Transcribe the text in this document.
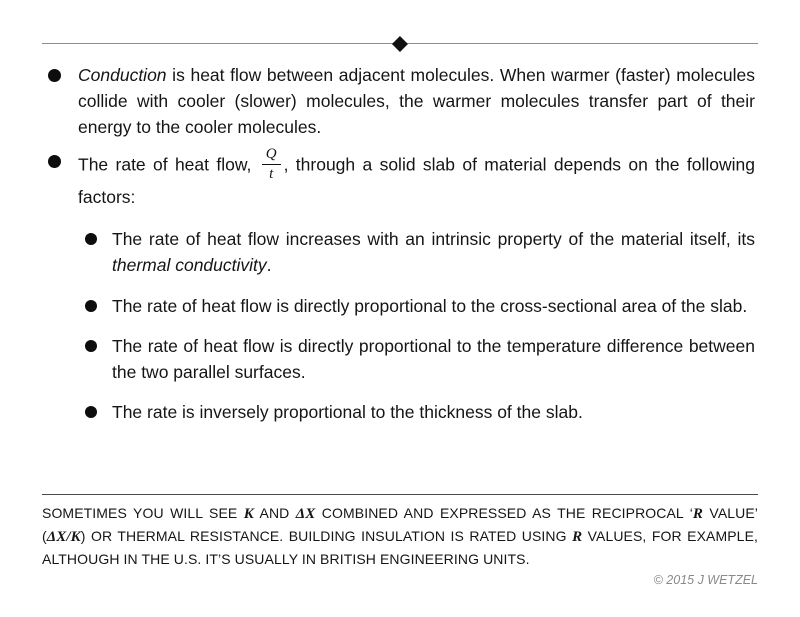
◆

Conduction is heat flow between adjacent molecules. When warmer (faster) molecules collide with cooler (slower) molecules, the warmer molecules transfer part of their energy to the cooler molecules.

The rate of heat flow, $\frac{Q}{t}$ , through a solid slab of material depends on the following factors:

The rate of heat flow increases with an intrinsic property of the material itself, its thermal conductivity.

The rate of heat flow is directly proportional to the cross-sectional area of the slab.

The rate of heat flow is directly proportional to the temperature difference between the two parallel surfaces.

The rate is inversely proportional to the thickness of the slab.

SOMETIMES YOU WILL SEE K AND ΔX COMBINED AND EXPRESSED AS THE RECIPROCAL ‘R VALUE’ (ΔX/K) OR THERMAL RESISTANCE. BUILDING INSULATION IS RATED USING R VALUES, FOR EXAMPLE, ALTHOUGH IN THE U.S. IT’S USUALLY IN BRITISH ENGINEERING UNITS.

© 2015 J WETZEL
